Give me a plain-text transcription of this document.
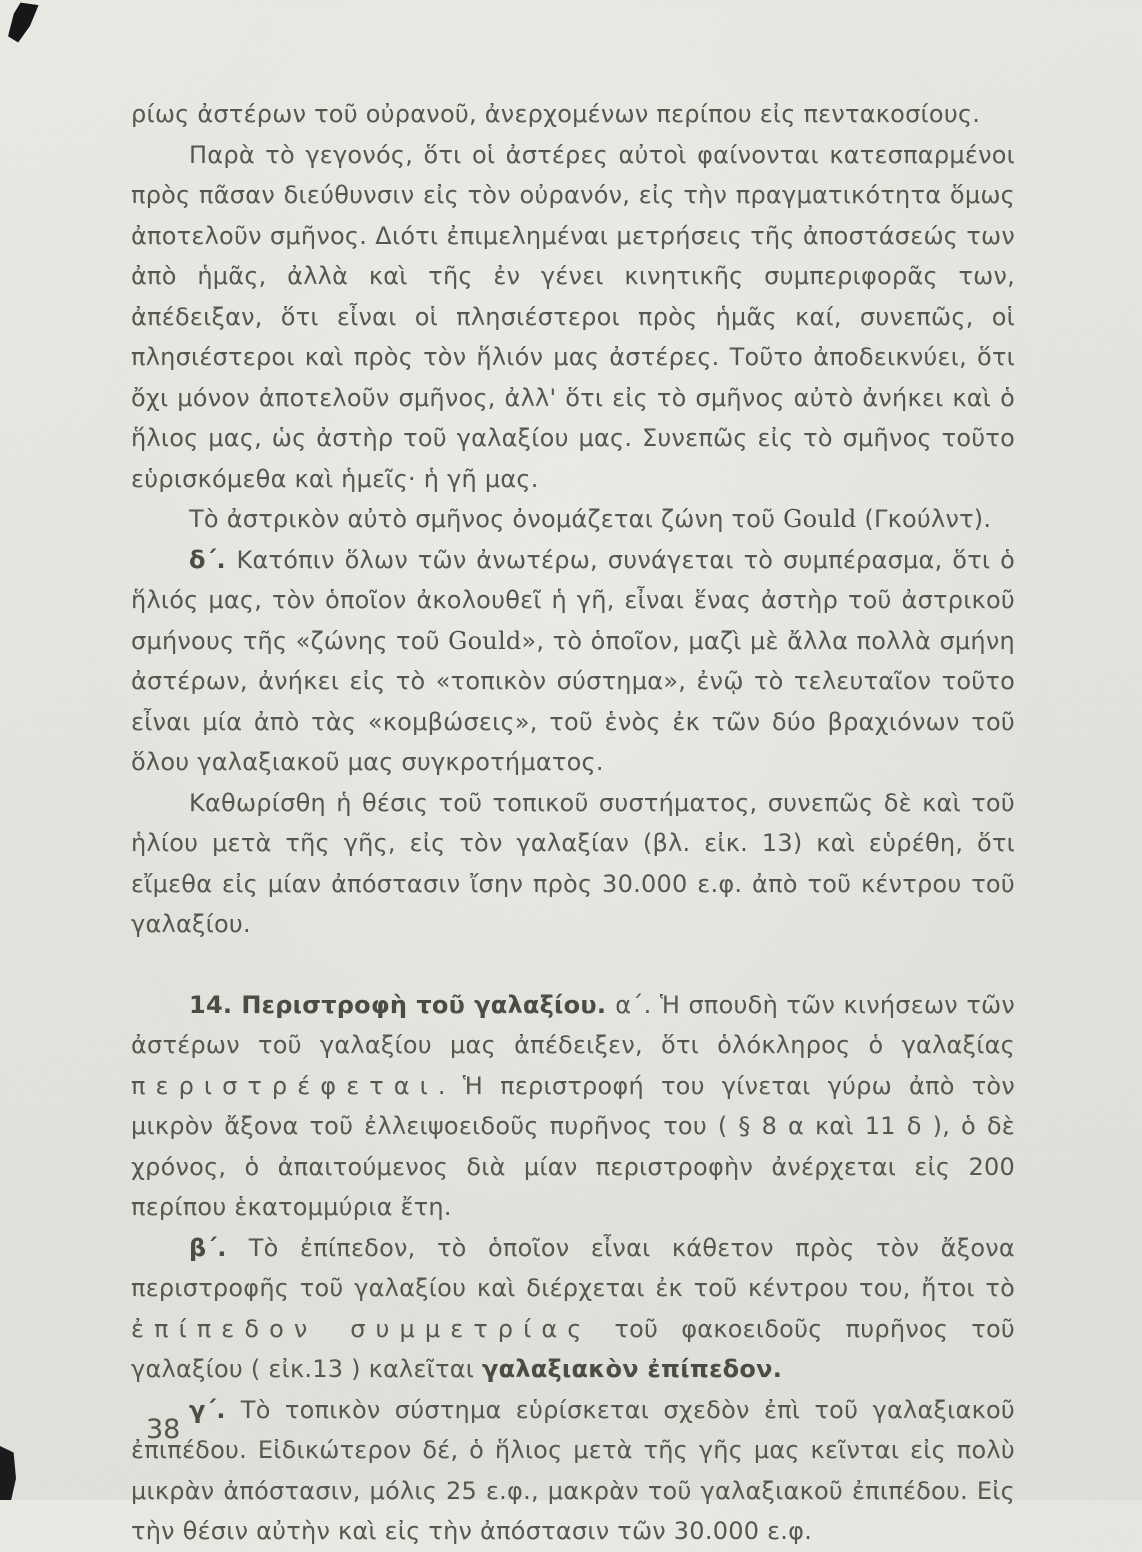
ρίως ἀστέρων τοῦ οὐρανοῦ, ἀνερχομένων περίπου εἰς πεντακοσίους.

Παρὰ τὸ γεγονός, ὅτι οἱ ἀστέρες αὐτοὶ φαίνονται κατεσπαρμένοι πρὸς πᾶσαν διεύθυνσιν εἰς τὸν οὐρανόν, εἰς τὴν πραγματικότητα ὅμως ἀποτελοῦν σμῆνος. Διότι ἐπιμελημέναι μετρήσεις τῆς ἀποστάσεώς των ἀπὸ ἡμᾶς, ἀλλὰ καὶ τῆς ἐν γένει κινητικῆς συμπεριφορᾶς των, ἀπέδειξαν, ὅτι εἶναι οἱ πλησιέστεροι πρὸς ἡμᾶς καί, συνεπῶς, οἱ πλησιέστεροι καὶ πρὸς τὸν ἥλιόν μας ἀστέρες. Τοῦτο ἀποδεικνύει, ὅτι ὄχι μόνον ἀποτελοῦν σμῆνος, ἀλλ' ὅτι εἰς τὸ σμῆνος αὐτὸ ἀνήκει καὶ ὁ ἥλιος μας, ὡς ἀστὴρ τοῦ γαλαξίου μας. Συνεπῶς εἰς τὸ σμῆνος τοῦτο εὑρισκόμεθα καὶ ἡμεῖς· ἡ γῆ μας.

Τὸ ἀστρικὸν αὐτὸ σμῆνος ὀνομάζεται ζώνη τοῦ Gould (Γκούλντ).

δ΄. Κατόπιν ὅλων τῶν ἀνωτέρω, συνάγεται τὸ συμπέρασμα, ὅτι ὁ ἥλιός μας, τὸν ὁποῖον ἀκολουθεῖ ἡ γῆ, εἶναι ἕνας ἀστὴρ τοῦ ἀστρικοῦ σμήνους τῆς «ζώνης τοῦ Gould», τὸ ὁποῖον, μαζὶ μὲ ἄλλα πολλὰ σμήνη ἀστέρων, ἀνήκει εἰς τὸ «τοπικὸν σύστημα», ἐνῷ τὸ τελευταῖον τοῦτο εἶναι μία ἀπὸ τὰς «κομβώσεις», τοῦ ἑνὸς ἐκ τῶν δύο βραχιόνων τοῦ ὅλου γαλαξιακοῦ μας συγκροτήματος.

Καθωρίσθη ἡ θέσις τοῦ τοπικοῦ συστήματος, συνεπῶς δὲ καὶ τοῦ ἡλίου μετὰ τῆς γῆς, εἰς τὸν γαλαξίαν (βλ. εἰκ. 13) καὶ εὑρέθη, ὅτι εἴμεθα εἰς μίαν ἀπόστασιν ἴσην πρὸς 30.000 ε.φ. ἀπὸ τοῦ κέντρου τοῦ γαλαξίου.

14. Περιστροφὴ τοῦ γαλαξίου. α΄. Ἡ σπουδὴ τῶν κινήσεων τῶν ἀστέρων τοῦ γαλαξίου μας ἀπέδειξεν, ὅτι ὁλόκληρος ὁ γαλαξίας περιστρέφεται. Ἡ περιστροφή του γίνεται γύρω ἀπὸ τὸν μικρὸν ἄξονα τοῦ ἐλλειψοειδοῦς πυρῆνος του ( § 8 α καὶ 11 δ ), ὁ δὲ χρόνος, ὁ ἀπαιτούμενος διὰ μίαν περιστροφὴν ἀνέρχεται εἰς 200 περίπου ἑκατομμύρια ἔτη.

β΄. Τὸ ἐπίπεδον, τὸ ὁποῖον εἶναι κάθετον πρὸς τὸν ἄξονα περιστροφῆς τοῦ γαλαξίου καὶ διέρχεται ἐκ τοῦ κέντρου του, ἤτοι τὸ ἐπίπεδον συμμετρίας τοῦ φακοειδοῦς πυρῆνος τοῦ γαλαξίου ( εἰκ.13 ) καλεῖται γαλαξιακὸν ἐπίπεδον.

γ΄. Τὸ τοπικὸν σύστημα εὑρίσκεται σχεδὸν ἐπὶ τοῦ γαλαξιακοῦ ἐπιπέδου. Εἰδικώτερον δέ, ὁ ἥλιος μετὰ τῆς γῆς μας κεῖνται εἰς πολὺ μικρὰν ἀπόστασιν, μόλις 25 ε.φ., μακρὰν τοῦ γαλαξιακοῦ ἐπιπέδου. Εἰς τὴν θέσιν αὐτὴν καὶ εἰς τὴν ἀπόστασιν τῶν 30.000 ε.φ.

38
